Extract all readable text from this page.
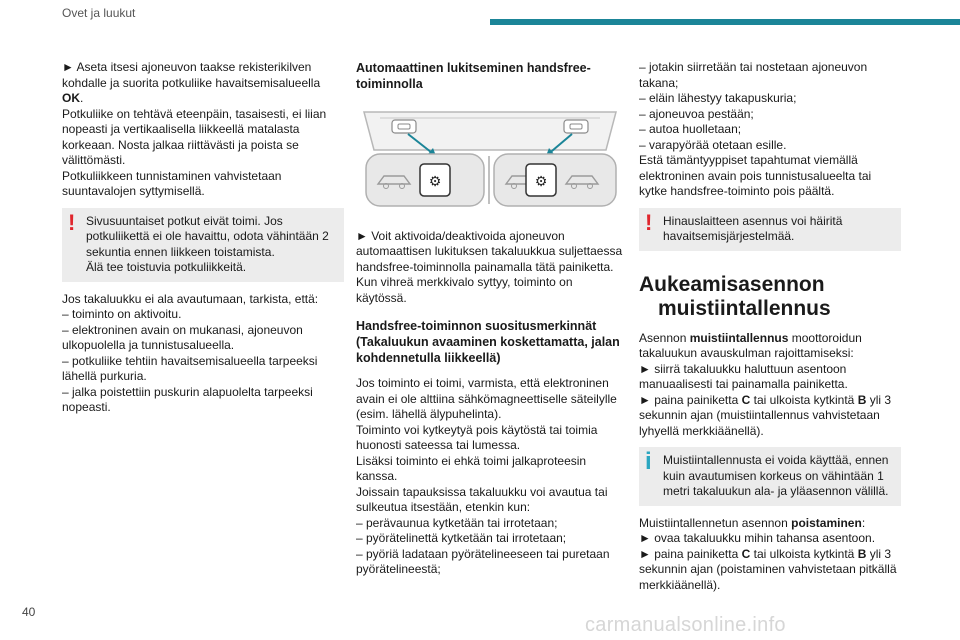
Ovet ja luukut

► Aseta itsesi ajoneuvon taakse rekisterikilven kohdalle ja suorita potkuliike havaitsemisalueella OK.

Potkuliike on tehtävä eteenpäin, tasaisesti, ei liian nopeasti ja vertikaalisella liikkeellä matalasta korkeaan. Nosta jalkaa riittävästi ja poista se välittömästi.

Potkuliikkeen tunnistaminen vahvistetaan suuntavalojen syttymisellä.

! Sivusuuntaiset potkut eivät toimi. Jos potkuliikettä ei ole havaittu, odota vähintään 2 sekuntia ennen liikkeen toistamista.

Älä tee toistuvia potkuliikkeitä.

Jos takaluukku ei ala avautumaan, tarkista, että:

– toiminto on aktivoitu.

– elektroninen avain on mukanasi, ajoneuvon ulkopuolella ja tunnistusalueella.

– potkuliike tehtiin havaitsemisalueella tarpeeksi lähellä purkuria.

– jalka poistettiin puskurin alapuolelta tarpeeksi nopeasti.

Automaattinen lukitseminen handsfree-toiminnolla

⚙	⚙

► Voit aktivoida/deaktivoida ajoneuvon automaattisen lukituksen takaluukkua suljettaessa handsfree-toiminnolla painamalla tätä painiketta.

Kun vihreä merkkivalo syttyy, toiminto on käytössä.

Handsfree-toiminnon suositusmerkinnät (Takaluukun avaaminen koskettamatta, jalan kohdennetulla liikkeellä)

Jos toiminto ei toimi, varmista, että elektroninen avain ei ole alttiina sähkömagneettiselle säteilylle (esim. lähellä älypuhelinta).

Toiminto voi kytkeytyä pois käytöstä tai toimia huonosti sateessa tai lumessa.

Lisäksi toiminto ei ehkä toimi jalkaproteesin kanssa.

Joissain tapauksissa takaluukku voi avautua tai sulkeutua itsestään, etenkin kun:

– perävaunua kytketään tai irrotetaan;

– pyörätelinettä kytketään tai irrotetaan;

– pyöriä ladataan pyörätelineeseen tai puretaan pyörätelineestä;

– jotakin siirretään tai nostetaan ajoneuvon takana;

– eläin lähestyy takapuskuria;

– ajoneuvoa pestään;

– autoa huolletaan;

– varapyörää otetaan esille.

Estä tämäntyyppiset tapahtumat viemällä elektroninen avain pois tunnistusalueelta tai kytke handsfree-toiminto pois päältä.

! Hinauslaitteen asennus voi häiritä havaitsemisjärjestelmää.

Aukeamisasennon
muistiintallennus

Asennon muistiintallennus moottoroidun takaluukun avauskulman rajoittamiseksi:

► siirrä takaluukku haluttuun asentoon manuaalisesti tai painamalla painiketta.

► paina painiketta C tai ulkoista kytkintä B yli 3 sekunnin ajan (muistiintallennus vahvistetaan lyhyellä merkkiäänellä).

i Muistiintallennusta ei voida käyttää, ennen kuin avautumisen korkeus on vähintään 1 metri takaluukun ala- ja yläasennon välillä.

Muistiintallennetun asennon poistaminen:

► ovaa takaluukku mihin tahansa asentoon.

► paina painiketta C tai ulkoista kytkintä B yli 3 sekunnin ajan (poistaminen vahvistetaan pitkällä merkkiäänellä).

40
carmanualsonline.info
